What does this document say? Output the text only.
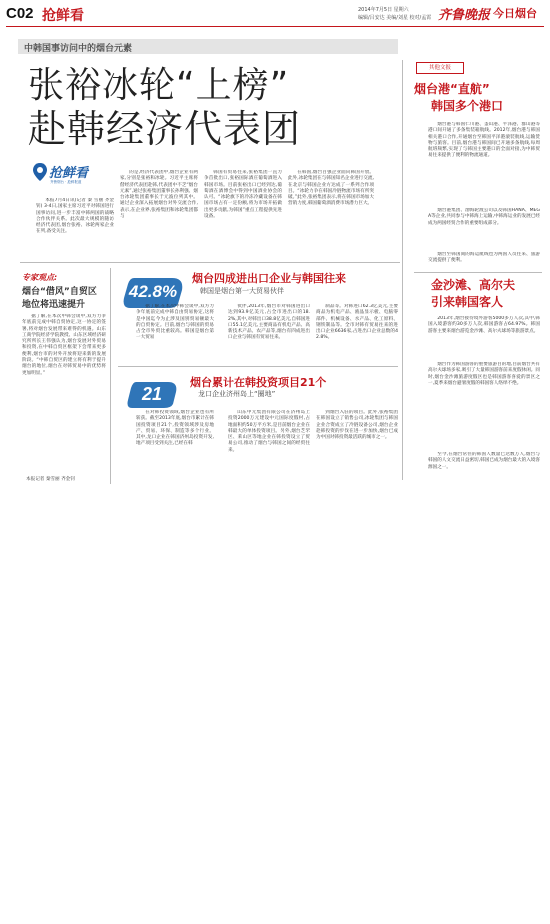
C02 抢鲜看	2014年7月5日 星期六
编辑/吕安达 美编/刘星 校对/孟霄 齐鲁晚报 今日烟台
中韩国事访问中的烟台元素
张裕冰轮“上榜”
赴韩经济代表团
抢鲜看
齐鲁烟台 · 抢鲜报道

本报7月4日讯(记者 秦 雪丽 齐金钊) 3-4日,国家主席习近平对韩国进行国事访问,进一步丰富中韩两国的战略合作伙伴关系。此次最大规模的随访经济代表团,烟台张裕、冰轮两家企业在列,备受关注。

的是,经济代表团中,烟台企业有两家,分别是张裕和冰轮。习近平主席将偕经济代表团赴韩,代表团中不乏“烟台元素”,通过张裕集团董事长孙利强、烟台冰轮集团董事长于元波位列其中。通过企业深入拓展烟台对外交流合作,表示,在企业界,张裕集团和冰轮集团都与

韩国有贸易往来,张裕集团一直力争首批出口,张裕国际酒庄葡萄酒进入韩国市场。目前张裕出口已经到达,葡萄酒在酒博会中得到中国酒业协会的认可。“冰轮旗下的冷冻冷藏设备在韩国市场占有一定份额,将为市场开拓做出更多贡献,为韩国”重点工程提供先进设备。

在韩国,烟台百强企业面向韩国开放。此外,冰轮集团在与韩国知名企业进行交流,在北京与韩国企业方达成了一系列合作项目。“冰轮力争在韩国冷链物流市场有所突破。”此外,张裕集团表示,将在韩国市场加大营销力度,韩国葡萄酒消费市场潜力巨大。

其他文报
烟台港“直航”
韩国多个港口

烟台港与韩国仁川港、釜山港、平泽港、群山港等港口间开通了多条集装箱航线。2012年,烟台港与韩国相关港口合作,开通烟台至韩国平泽港滚装航线,运输货物与旅客。目前,烟台港与韩国间已开通多条航线,每周航班频繁,实现了与韩国主要港口的全面对接,为中韩贸易往来提供了便利的物流通道。

烟台港集团、渤海轮渡公司以及韩国HANA、MEGA等企业,共同参与中韩海上运输,中韩海运业的发展已经成为两国经贸合作的重要组成部分。

烟台至韩国间的海运航线也为两国人员往来、旅游交流提供了便利。

金沙滩、高尔夫
引来韩国客人

2013年,烟台接待境外游客5000多万人次,其中,韩国入境游客约30多万人次,韩国游客占64.97%。韩国游客主要来烟台游览金沙滩、高尔夫球场等旅游景点。

烟台作为韩国游客的重要旅游目的地,目前烟台共有高尔夫球场多家,吸引了大量韩国游客前来度假休闲。同时,烟台金沙滩旅游度假区也是韩国游客喜爱的景区之一,夏季来烟台避暑度假的韩国客人络绎不绝。

至今,在烟台常住的韩国人数量已达数万人,烟台与韩国的人文交流日益密切,韩国已成为烟台最大的入境客源国之一。

专家观点:
烟台“借风”自贸区
地位将迅速提升

据了解,在本次中韩会谈中,双方力争年底前完成中韩自贸协定,这一协定的签署,将对烟台发展带来难得的机遇。山东工商学院经济学院教授、山东区域经济研究所所长王伟强认为,烟台发展对外贸易和投资,在中韩自贸区框架下会带来更多便利,烟台市的对外开放将迎来新的发展阶段。“中韩自贸区的建立将有利于提升烟台的地位,烟台在对韩贸易中的优势将更加明显。”

本报记者 秦雪丽 齐金钊
42.8%
烟台四成进出口企业与韩国往来
韩国是烟台第一大贸易伙伴

据了解,在本次中韩会谈中,双方力争年底前完成中韩自由贸易协定,这将是中国迄今为止涉及国别贸易额最大的自贸协定。目前,烟台与韩国的贸易占全市外贸比重较高。韩国是烟台第一大贸易

伙伴,2013年,烟台市对韩国进出口达到93.9亿美元,占全市进出口的18.2%,其中,对韩出口38.8亿美元,自韩国进口55.1亿美元,主要商品有机电产品、高新技术产品、农产品等,烟台有四成进出口企业与韩国有贸易往来。

制品等。对韩进口62.3亿美元,主要商品为机电产品、液晶显示板、电脑零部件、机械设备、水产品、化工原料、钢铁制品等。全市对韩有贸易往来的进出口企业6636家,占进出口企业总数的42.8%。

21
烟台累计在韩投资项目21个
龙口企业济州岛上“圈地”

在对韩投资领域,烟台企业也有所斩获。截至2013年底,烟台市累计在韩国投资项目21个,投资领域涉及房地产、贸易、环保、制造等多个行业。其中,龙口企业在韩国济州岛投资开发,地产项目受到关注,已经在韩

山东中元集团有限公司在济州岛上投资2000万元建设中元国际度假村,占地面积约50万平方米,是目前烟台企业在韩最大的单体投资项目。另外,烟台芝罘区、莱山区等地企业在韩投资设立了贸易公司,推动了烟台与韩国之间的经贸往来。

到烟台入驻的项目。此外,张裕集团在韩国设立了销售公司,冰轮集团与韩国企业合资成立了冷链设备公司,烟台企业赴韩投资的步伐在进一步加快,烟台已成为中国对韩投资最活跃的城市之一。
